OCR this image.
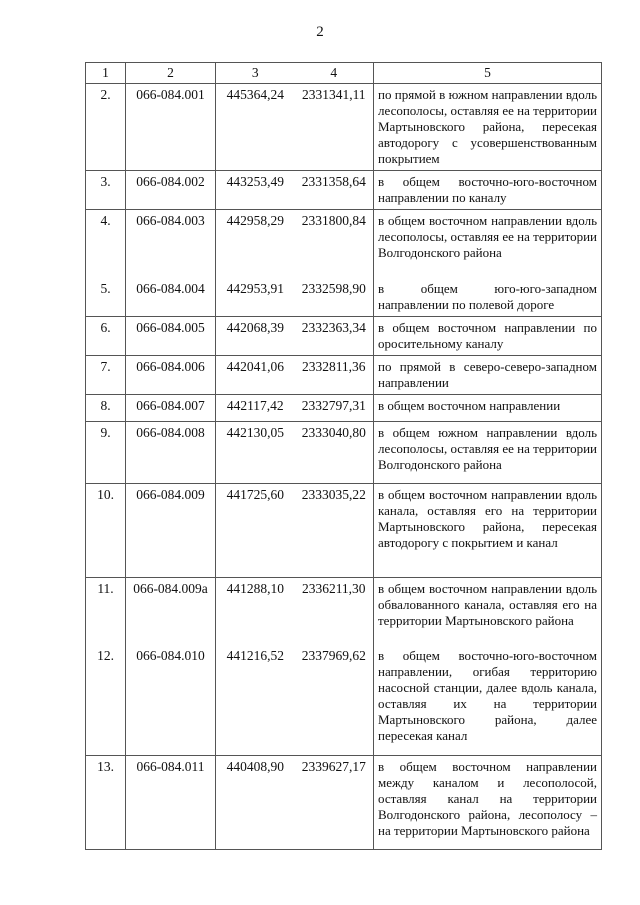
2
1	2	3	4	5
2.	066-084.001	445364,24	2331341,11	по прямой в южном направлении вдоль лесополосы, оставляя ее на территории Мартыновского района, пересекая автодорогу с усовершенствованным покрытием
3.	066-084.002	443253,49	2331358,64	в общем восточно-юго-восточном направлении по каналу
4.	066-084.003	442958,29	2331800,84	в общем восточном направлении вдоль лесополосы, оставляя ее на территории Волгодонского района
5.	066-084.004	442953,91	2332598,90	в общем юго-юго-западном направлении по полевой дороге
6.	066-084.005	442068,39	2332363,34	в общем восточном направлении по оросительному каналу
7.	066-084.006	442041,06	2332811,36	по прямой в северо-северо-западном направлении
8.	066-084.007	442117,42	2332797,31	в общем восточном направлении
9.	066-084.008	442130,05	2333040,80	в общем южном направлении вдоль лесополосы, оставляя ее на территории Волгодонского района
10.	066-084.009	441725,60	2333035,22	в общем восточном направлении вдоль канала, оставляя его на территории Мартыновского района, пересекая автодорогу с покрытием и канал
11.	066-084.009а	441288,10	2336211,30	в общем восточном направлении вдоль обвалованного канала, оставляя его на территории Мартыновского района
12.	066-084.010	441216,52	2337969,62	в общем восточно-юго-восточном направлении, огибая территорию насосной станции, далее вдоль канала, оставляя их на территории Мартыновского района, далее пересекая канал
13.	066-084.011	440408,90	2339627,17	в общем восточном направлении между каналом и лесополосой, оставляя канал на территории Волгодонского района, лесополосу – на территории Мартыновского района
